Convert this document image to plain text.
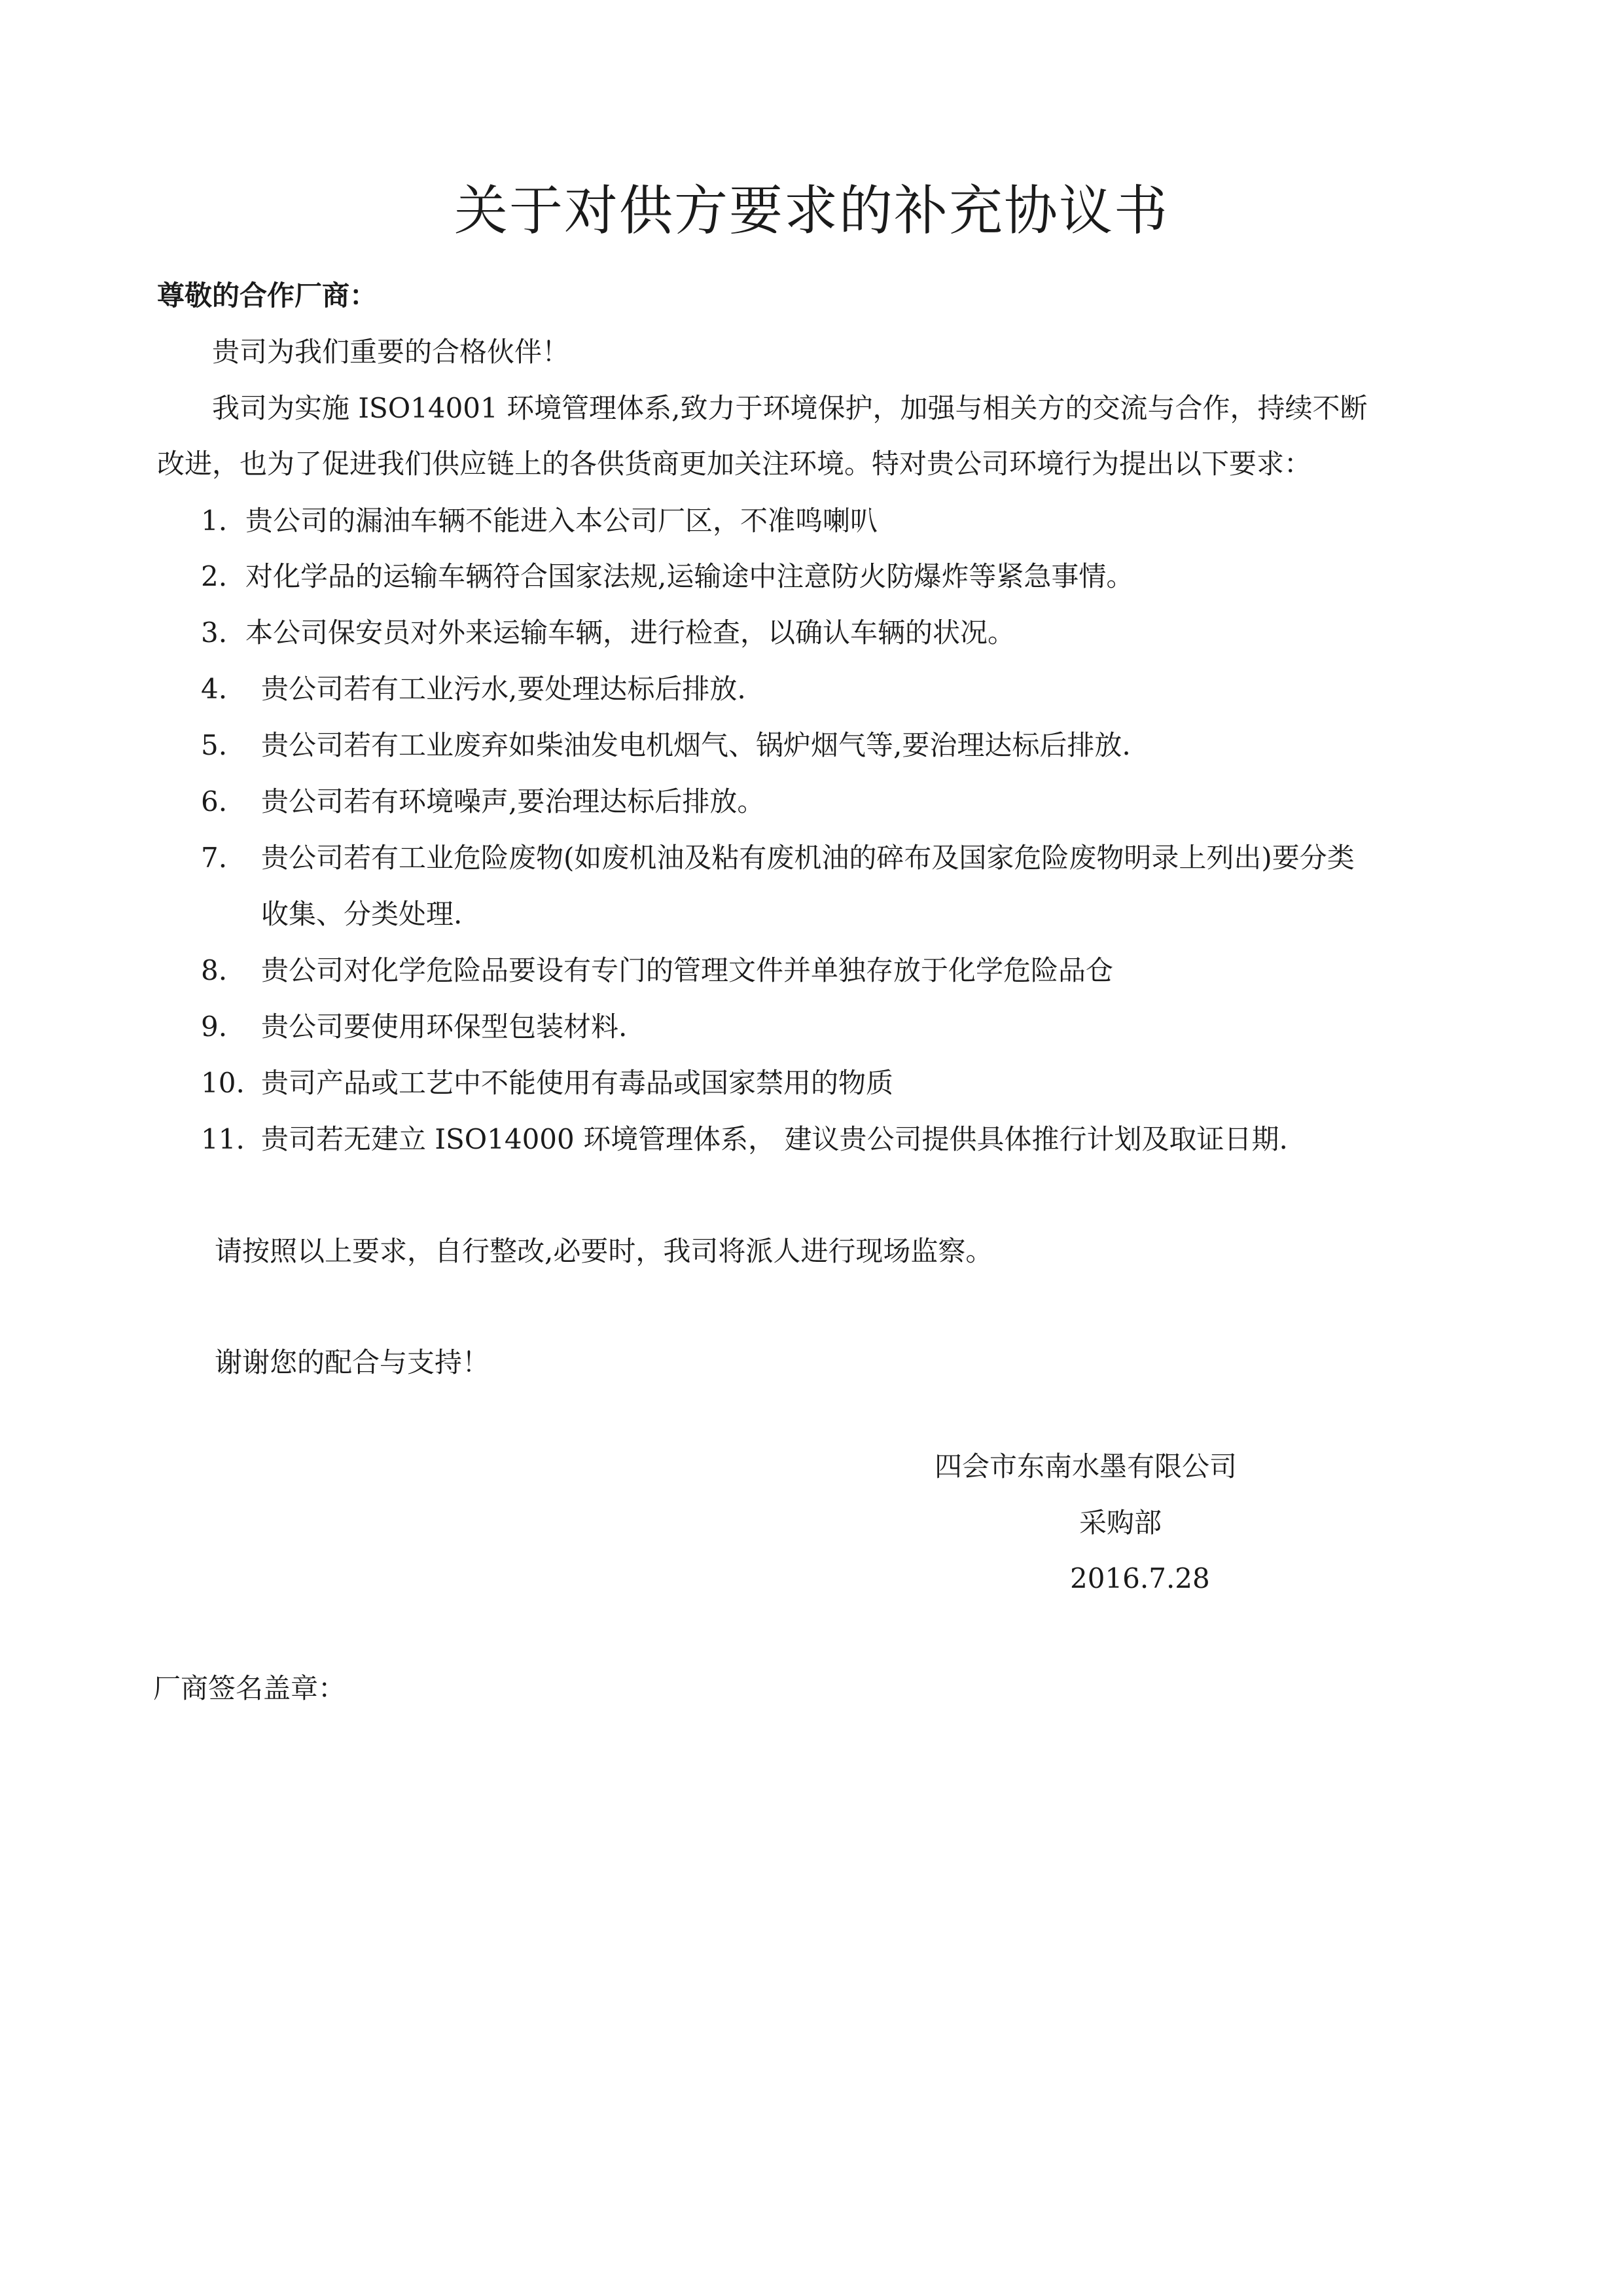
关于对供方要求的补充协议书

尊敬的合作厂商：

贵司为我们重要的合格伙伴！

我司为实施 ISO14001 环境管理体系,致力于环境保护，加强与相关方的交流与合作，持续不断

改进，也为了促进我们供应链上的各供货商更加关注环境。特对贵公司环境行为提出以下要求：

1. 贵公司的漏油车辆不能进入本公司厂区，不准鸣喇叭
2. 对化学品的运输车辆符合国家法规,运输途中注意防火防爆炸等紧急事情。
3. 本公司保安员对外来运输车辆，进行检查，以确认车辆的状况。
4. 贵公司若有工业污水,要处理达标后排放.
5. 贵公司若有工业废弃如柴油发电机烟气、锅炉烟气等,要治理达标后排放.
6. 贵公司若有环境噪声,要治理达标后排放。
7. 贵公司若有工业危险废物(如废机油及粘有废机油的碎布及国家危险废物明录上列出)要分类
收集、分类处理.
8. 贵公司对化学危险品要设有专门的管理文件并单独存放于化学危险品仓
9. 贵公司要使用环保型包装材料.
10. 贵司产品或工艺中不能使用有毒品或国家禁用的物质
11. 贵司若无建立 ISO14000 环境管理体系， 建议贵公司提供具体推行计划及取证日期.

请按照以上要求，自行整改,必要时，我司将派人进行现场监察。

谢谢您的配合与支持！

四会市东南水墨有限公司

采购部

2016.7.28

厂商签名盖章：
